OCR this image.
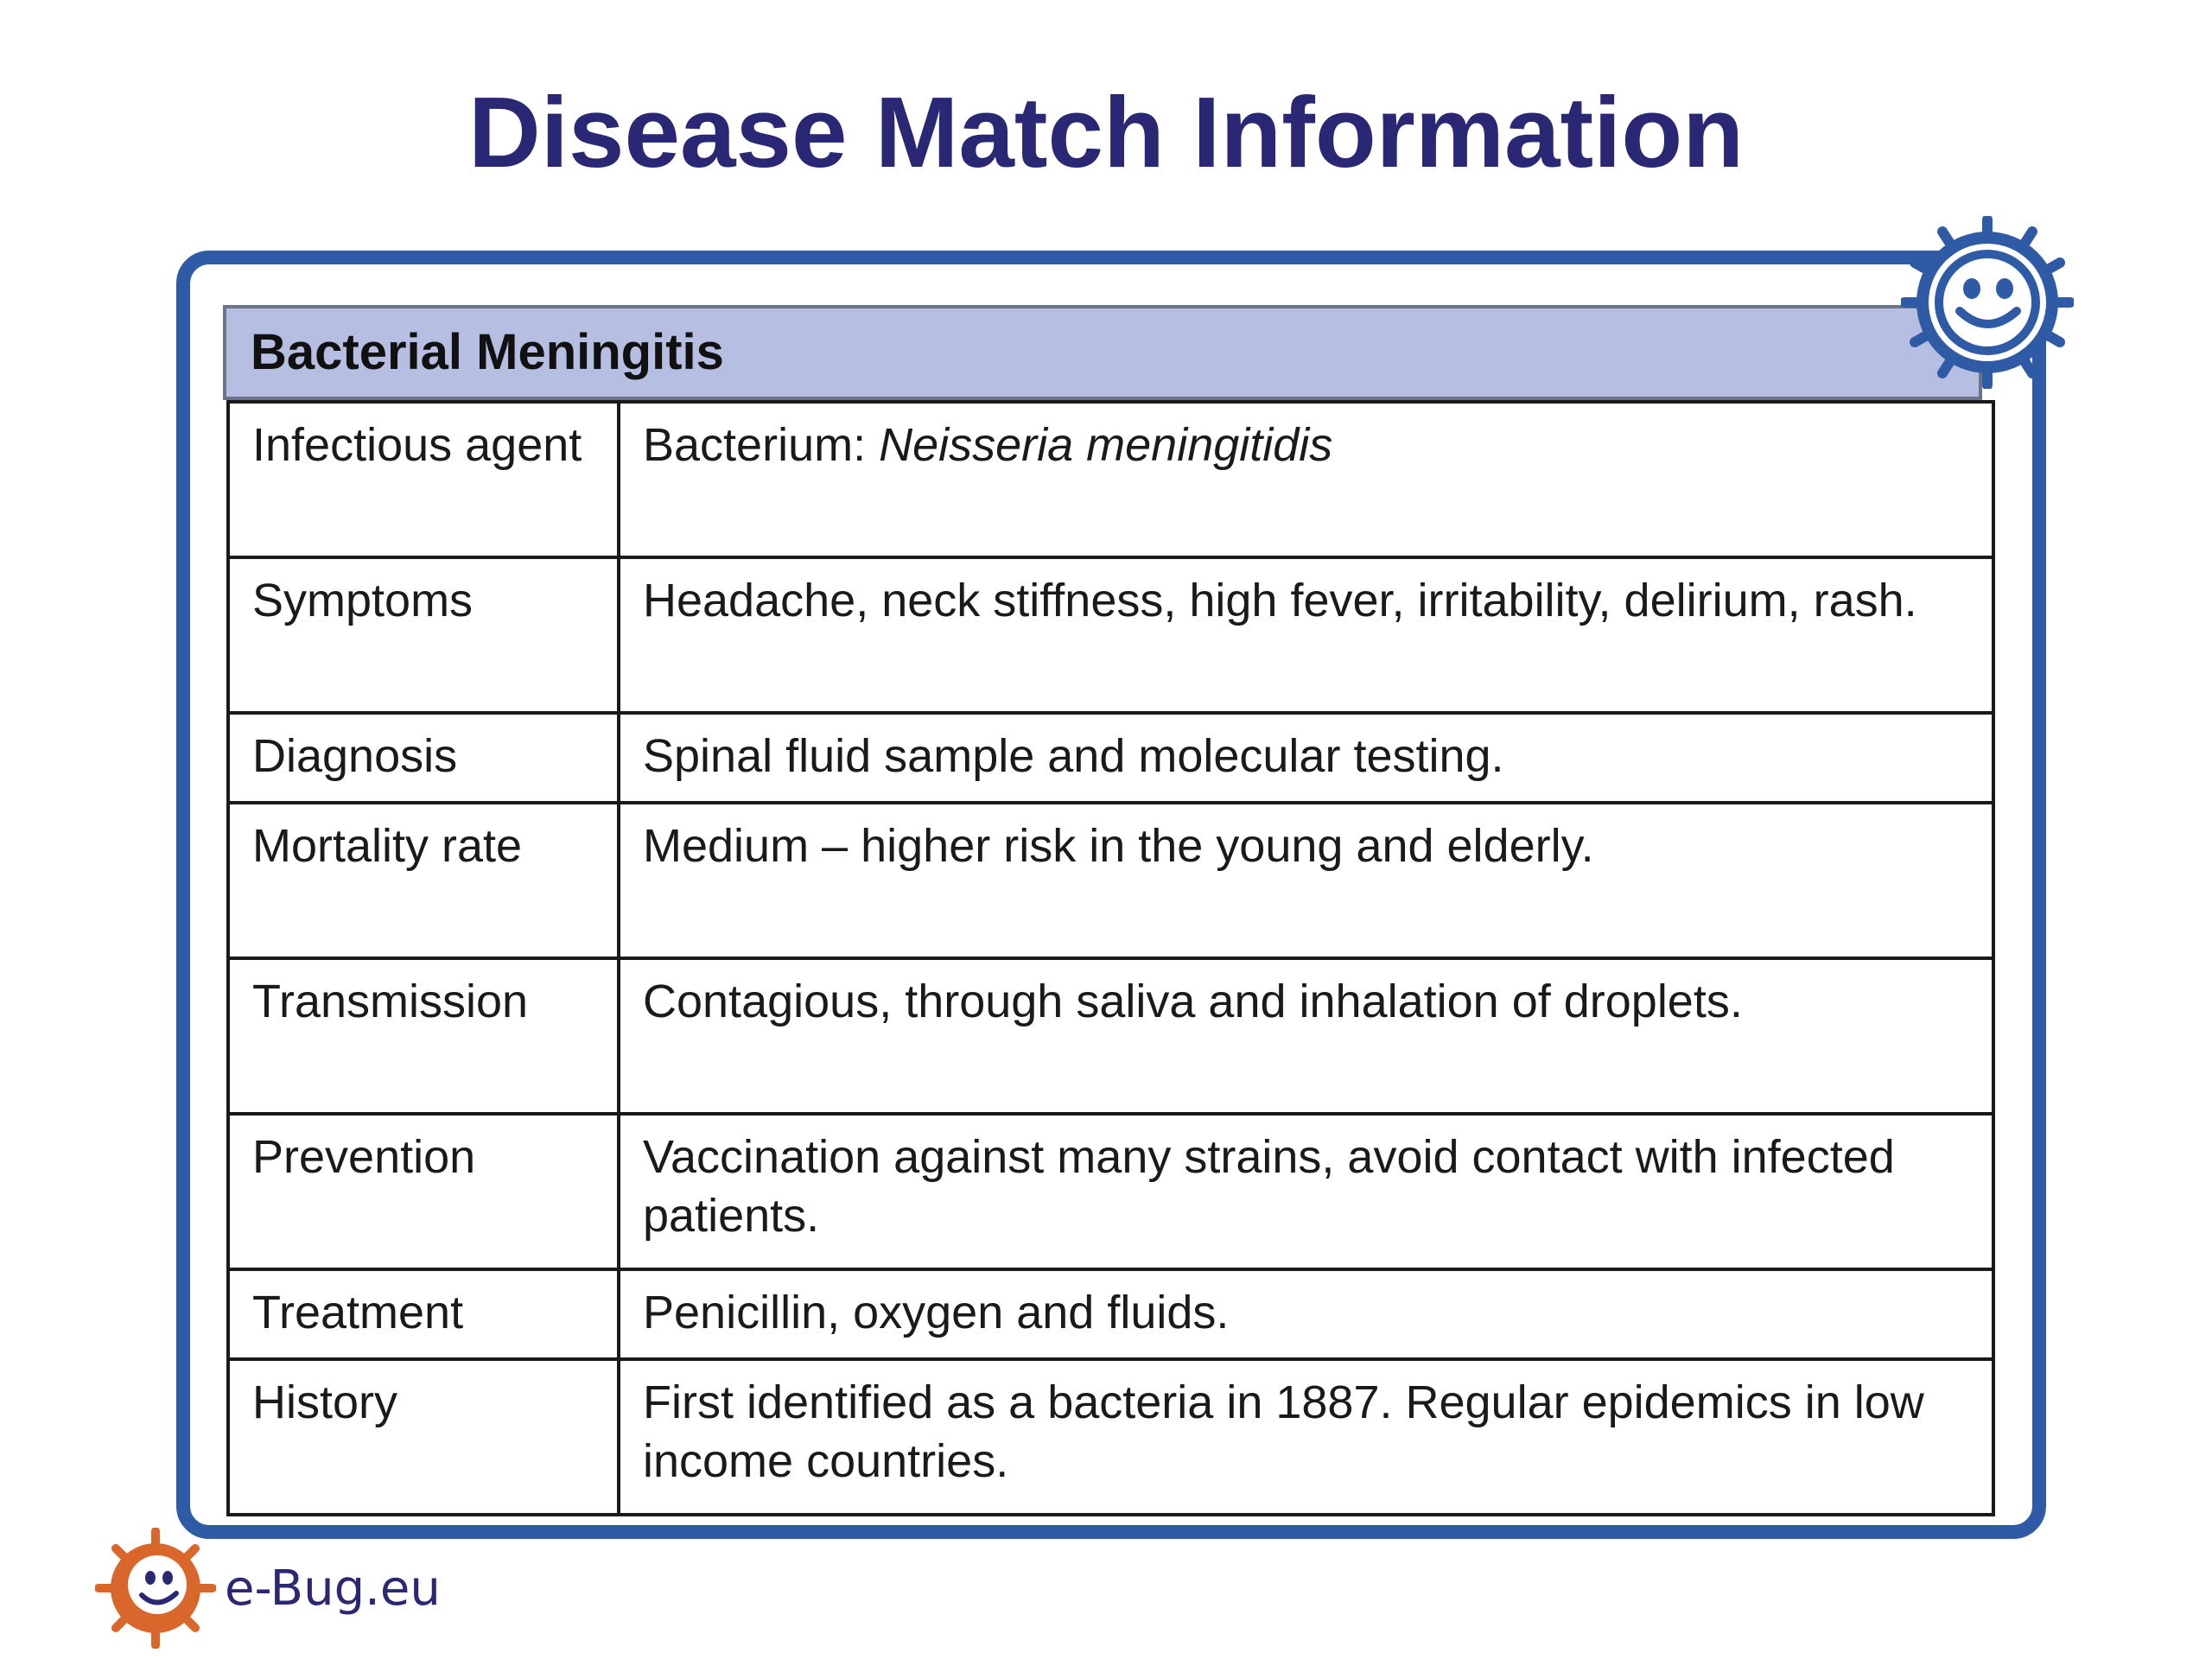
Disease Match Information
Bacterial Meningitis
Infectious agent	Bacterium: Neisseria meningitidis
Symptoms	Headache, neck stiffness, high fever, irritability, delirium, rash.
Diagnosis	Spinal fluid sample and molecular testing.
Mortality rate	Medium – higher risk in the young and elderly.
Transmission	Contagious, through saliva and inhalation of droplets.
Prevention	Vaccination against many strains, avoid contact with infected patients.
Treatment	Penicillin, oxygen and fluids.
History	First identified as a bacteria in 1887. Regular epidemics in low income countries.
e-Bug.eu
